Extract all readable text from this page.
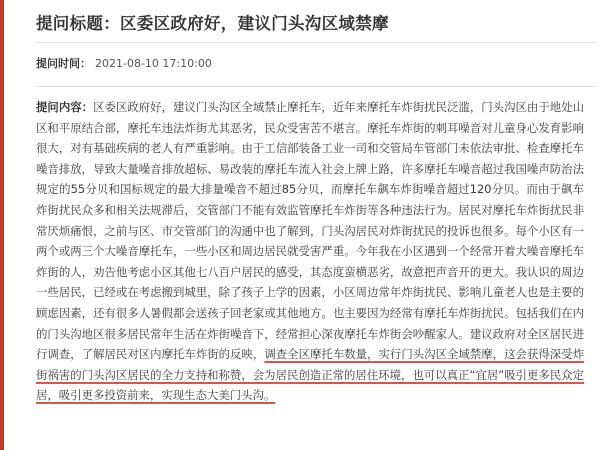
提问标题：区委区政府好，建议门头沟区域禁摩
提问时间： 2021-08-10 17:10:00
提问内容：区委区政府好，建议门头沟区全域禁止摩托车，近年来摩托车炸街扰民泛滥，门头沟区由于地处山区和平原结合部，摩托车违法炸街尤其恶劣，民众受害苦不堪言。摩托车炸街的刺耳噪音对儿童身心发育影响很大，对有基础疾病的老人有严重影响。由于工信部装备工业一司和交管局车管部门未依法审批、检查摩托车噪音排放，导致大量噪音排放超标、易改装的摩托车流入社会上牌上路，许多摩托车噪音超过我国噪声防治法规定的55分贝和国标规定的最大排量噪音不超过85分贝，而摩托车飙车炸街噪音超过120分贝。而由于飙车炸街扰民众多和相关法规滞后，交管部门不能有效监管摩托车炸街等各种违法行为。居民对摩托车炸街扰民非常厌烦痛恨，之前与区、市交管部门的沟通中也了解到，门头沟居民对炸街扰民的投诉也很多。每个小区有一两个或两三个大噪音摩托车，一些小区和周边居民就受害严重。今年我在小区遇到一个经常开着大噪音摩托车炸街的人，劝告他考虑小区其他七八百户居民的感受，其态度蛮横恶劣，故意把声音开的更大。我认识的周边一些居民，已经或在考虑搬到城里，除了孩子上学的因素，小区周边常年炸街扰民、影响儿童老人也是主要的顾虑因素，还有很多人暑假都会送孩子回老家或其他地方。也主要因为经常有摩托车炸街扰民。包括我们在内的门头沟地区很多居民常年生活在炸街噪音下，经常担心深夜摩托车炸街会吵醒家人。建议政府对全区居民进行调查，了解居民对区内摩托车炸街的反映，调查全区摩托车数量，实行门头沟区全域禁摩，这会获得深受炸街祸害的门头沟区居民的全力支持和称赞，会为居民创造正常的居住环境，也可以真正“宜居”吸引更多民众定居，吸引更多投资前来，实现生态大美门头沟。
